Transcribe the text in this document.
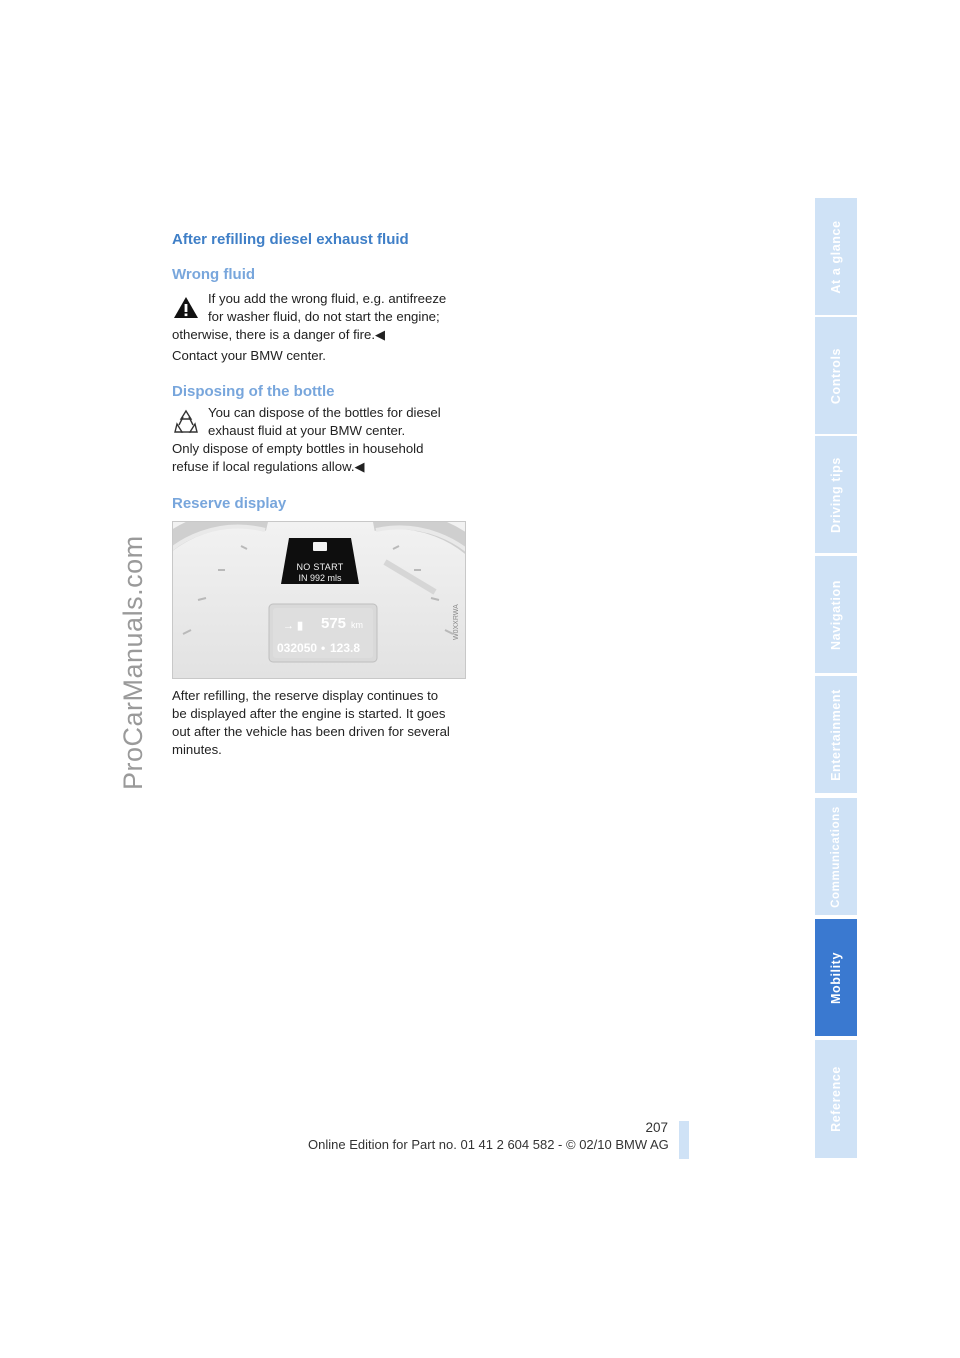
ProCarManuals.com
After refilling diesel exhaust fluid
Wrong fluid

If you add the wrong fluid, e.g. antifreeze
for washer fluid, do not start the engine;
otherwise, there is a danger of fire.◀

Contact your BMW center.

Disposing of the bottle

You can dispose of the bottles for diesel
exhaust fluid at your BMW center.
Only dispose of empty bottles in household
refuse if local regulations allow.◀

Reserve display
NO START
IN 992 mls
→ ▮ 575 km
032050 • 123.8
W0XXRWA

After refilling, the reserve display continues to
be displayed after the engine is started. It goes
out after the vehicle has been driven for several
minutes.

At a glance
Controls
Driving tips
Navigation
Entertainment
Communications
Mobility
Reference
207
Online Edition for Part no. 01 41 2 604 582 - © 02/10 BMW AG
